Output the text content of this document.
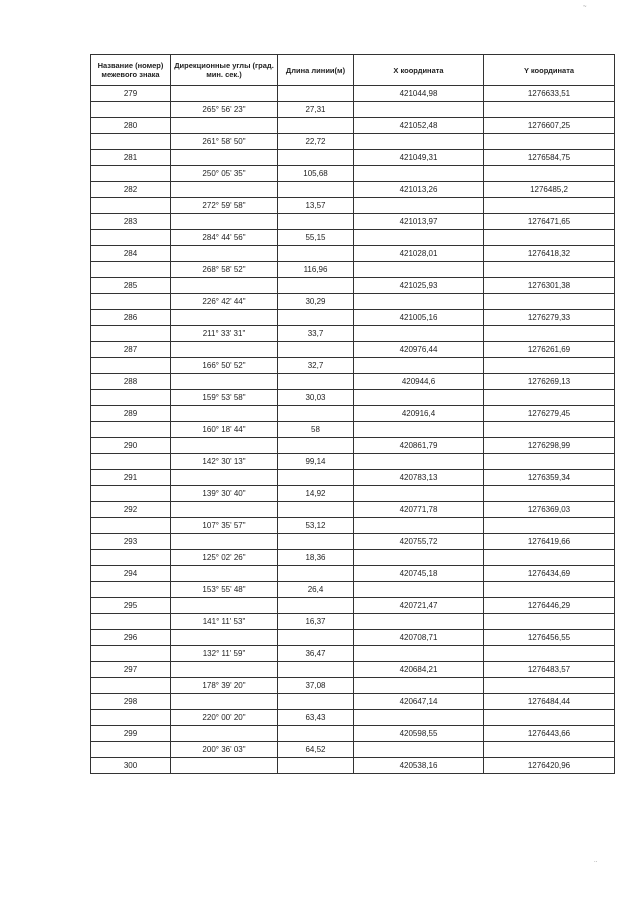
Название (номер) межевого знака	Дирекционные углы (град. мин. сек.)	Длина линии(м)	X координата	Y координата
279			421044,98	1276633,51
	265° 56' 23"	27,31		
280			421052,48	1276607,25
	261° 58' 50"	22,72		
281			421049,31	1276584,75
	250° 05' 35"	105,68		
282			421013,26	1276485,2
	272° 59' 58"	13,57		
283			421013,97	1276471,65
	284° 44' 56"	55,15		
284			421028,01	1276418,32
	268° 58' 52"	116,96		
285			421025,93	1276301,38
	226° 42' 44"	30,29		
286			421005,16	1276279,33
	211° 33' 31"	33,7		
287			420976,44	1276261,69
	166° 50' 52"	32,7		
288			420944,6	1276269,13
	159° 53' 58"	30,03		
289			420916,4	1276279,45
	160° 18' 44"	58		
290			420861,79	1276298,99
	142° 30' 13"	99,14		
291			420783,13	1276359,34
	139° 30' 40"	14,92		
292			420771,78	1276369,03
	107° 35' 57"	53,12		
293			420755,72	1276419,66
	125° 02' 26"	18,36		
294			420745,18	1276434,69
	153° 55' 48"	26,4		
295			420721,47	1276446,29
	141° 11' 53"	16,37		
296			420708,71	1276456,55
	132° 11' 59"	36,47		
297			420684,21	1276483,57
	178° 39' 20"	37,08		
298			420647,14	1276484,44
	220° 00' 20"	63,43		
299			420598,55	1276443,66
	200° 36' 03"	64,52		
300			420538,16	1276420,96
~
..
